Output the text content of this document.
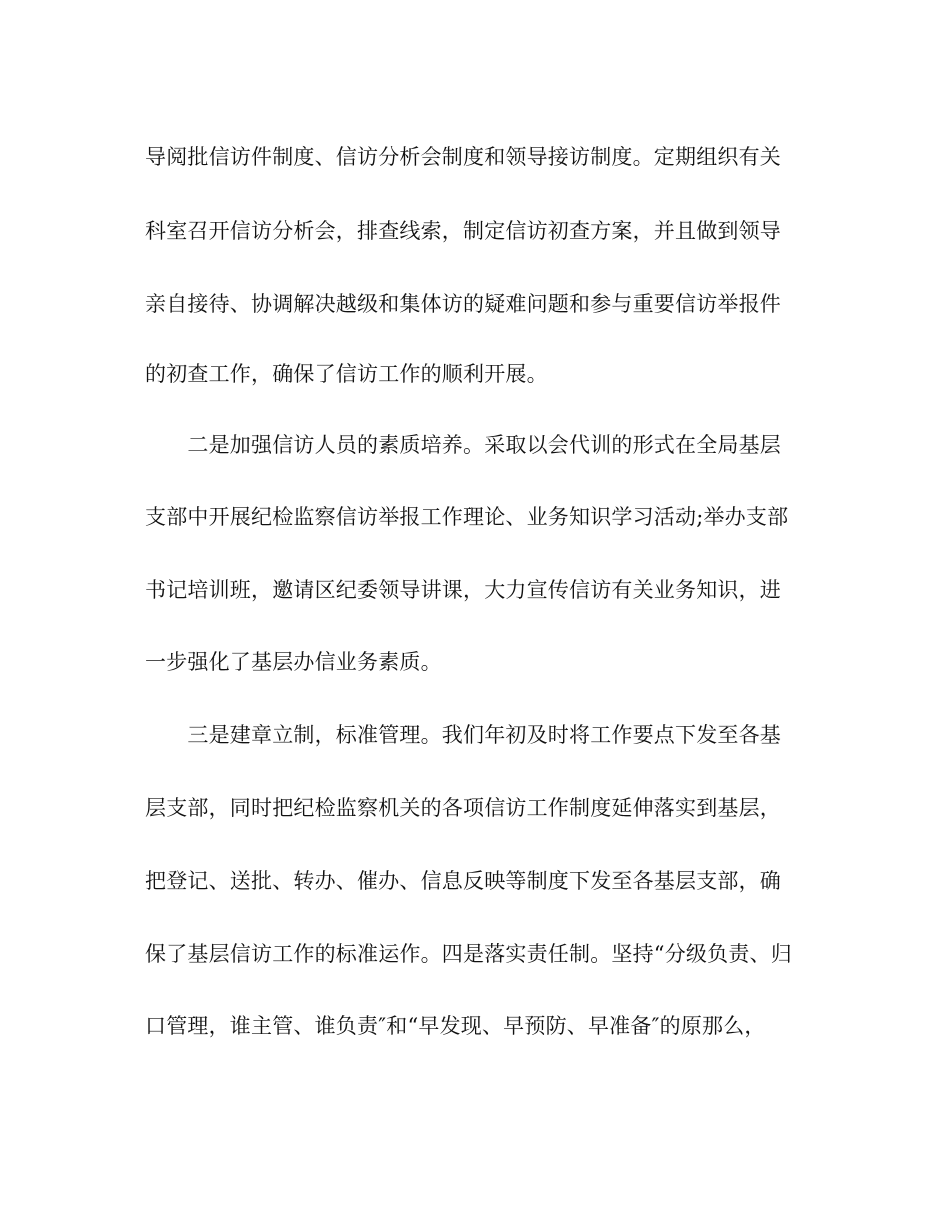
导阅批信访件制度、信访分析会制度和领导接访制度。定期组织有关
科室召开信访分析会，排查线索，制定信访初查方案，并且做到领导
亲自接待、协调解决越级和集体访的疑难问题和参与重要信访举报件
的初查工作，确保了信访工作的顺利开展。
　　二是加强信访人员的素质培养。采取以会代训的形式在全局基层
支部中开展纪检监察信访举报工作理论、业务知识学习活动;举办支部
书记培训班，邀请区纪委领导讲课，大力宣传信访有关业务知识，进
一步强化了基层办信业务素质。
　　三是建章立制，标准管理。我们年初及时将工作要点下发至各基
层支部，同时把纪检监察机关的各项信访工作制度延伸落实到基层，
把登记、送批、转办、催办、信息反映等制度下发至各基层支部，确
保了基层信访工作的标准运作。四是落实责任制。坚持“分级负责、归
口管理，谁主管、谁负责″和“早发现、早预防、早准备″的原那么，
